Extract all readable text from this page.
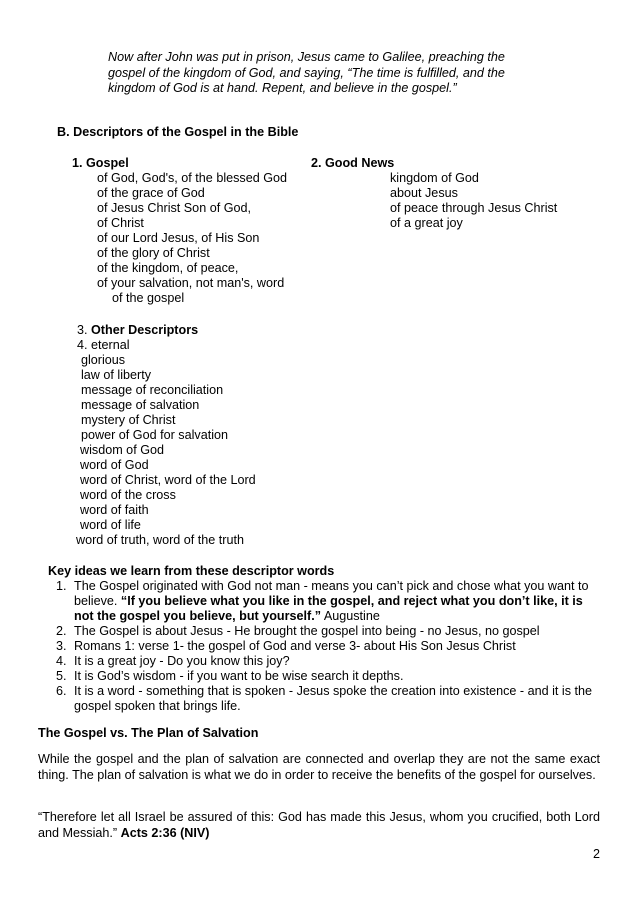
Now after John was put in prison, Jesus came to Galilee, preaching the
gospel of the kingdom of God, and saying, “The time is fulfilled, and the
kingdom of God is at hand. Repent, and believe in the gospel.”
B. Descriptors of the Gospel in the Bible
1. Gospel
of God, God's, of the blessed God
of the grace of God
of Jesus Christ Son of God,
of Christ
of our Lord Jesus, of His Son
of the glory of Christ
of the kingdom, of peace,
of your salvation, not man's, word
of the gospel
2. Good News
kingdom of God
about Jesus
of peace through Jesus Christ
of a great joy
3. Other Descriptors
4. eternal
glorious
law of liberty
message of reconciliation
message of salvation
mystery of Christ
power of God for salvation
wisdom of God
word of God
word of Christ, word of the Lord
word of the cross
word of faith
word of life
word of truth, word of the truth
Key ideas we learn from these descriptor words
1. The Gospel originated with God not man - means you can’t pick and chose what you want to believe. “If you believe what you like in the gospel, and reject what you don’t like, it is not the gospel you believe, but yourself.” Augustine
2. The Gospel is about Jesus - He brought the gospel into being - no Jesus, no gospel
3. Romans 1: verse 1- the gospel of God and verse 3- about His Son Jesus Christ
4. It is a great joy - Do you know this joy?
5. It is God’s wisdom - if you want to be wise search it depths.
6. It is a word - something that is spoken - Jesus spoke the creation into existence - and it is the gospel spoken that brings life.
The Gospel vs. The Plan of Salvation
While the gospel and the plan of salvation are connected and overlap they are not the same exact thing. The plan of salvation is what we do in order to receive the benefits of the gospel for ourselves.
“Therefore let all Israel be assured of this: God has made this Jesus, whom you crucified, both Lord and Messiah.” Acts 2:36 (NIV)
2
